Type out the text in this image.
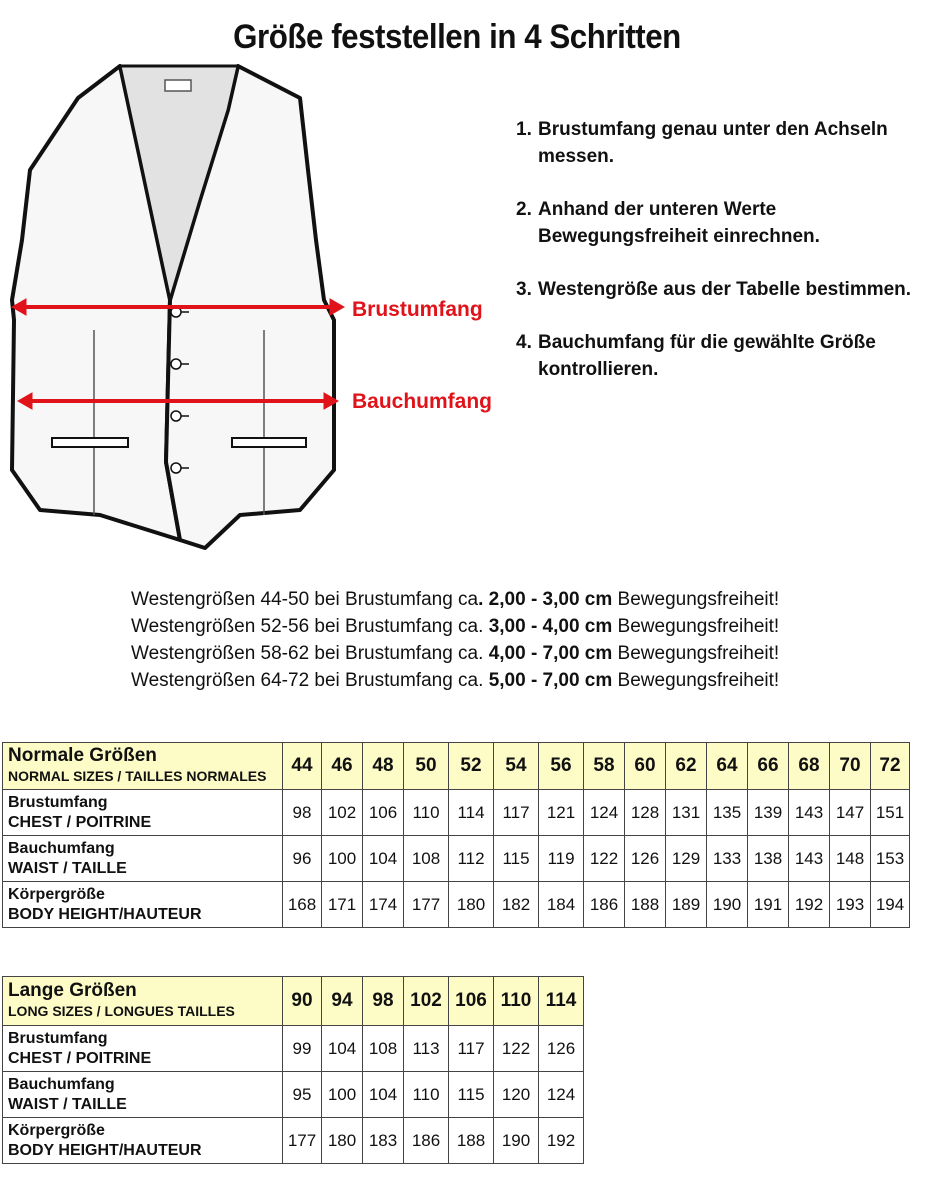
Größe feststellen in 4 Schritten
Brustumfang
Bauchumfang
1. Brustumfang genau unter den Achseln messen.
2. Anhand der unteren Werte Bewegungsfreiheit einrechnen.
3. Westengröße aus der Tabelle bestimmen.
4. Bauchumfang für die gewählte Größe kontrollieren.
Westengrößen 44-50 bei Brustumfang ca. 2,00 - 3,00 cm Bewegungsfreiheit!
Westengrößen 52-56 bei Brustumfang ca. 3,00 - 4,00 cm Bewegungsfreiheit!
Westengrößen 58-62 bei Brustumfang ca. 4,00 - 7,00 cm Bewegungsfreiheit!
Westengrößen 64-72 bei Brustumfang ca. 5,00 - 7,00 cm Bewegungsfreiheit!
Normale Größen
NORMAL SIZES / TAILLES NORMALES	44	46	48	50	52	54	56	58	60	62	64	66	68	70	72

Brustumfang
CHEST / POITRINE	98	102	106	110	114	117	121	124	128	131	135	139	143	147	151

Bauchumfang
WAIST / TAILLE	96	100	104	108	112	115	119	122	126	129	133	138	143	148	153

Körpergröße
BODY HEIGHT/HAUTEUR	168	171	174	177	180	182	184	186	188	189	190	191	192	193	194
Lange Größen
LONG SIZES / LONGUES TAILLES	90	94	98	102	106	110	114

Brustumfang
CHEST / POITRINE	99	104	108	113	117	122	126

Bauchumfang
WAIST / TAILLE	95	100	104	110	115	120	124

Körpergröße
BODY HEIGHT/HAUTEUR	177	180	183	186	188	190	192
